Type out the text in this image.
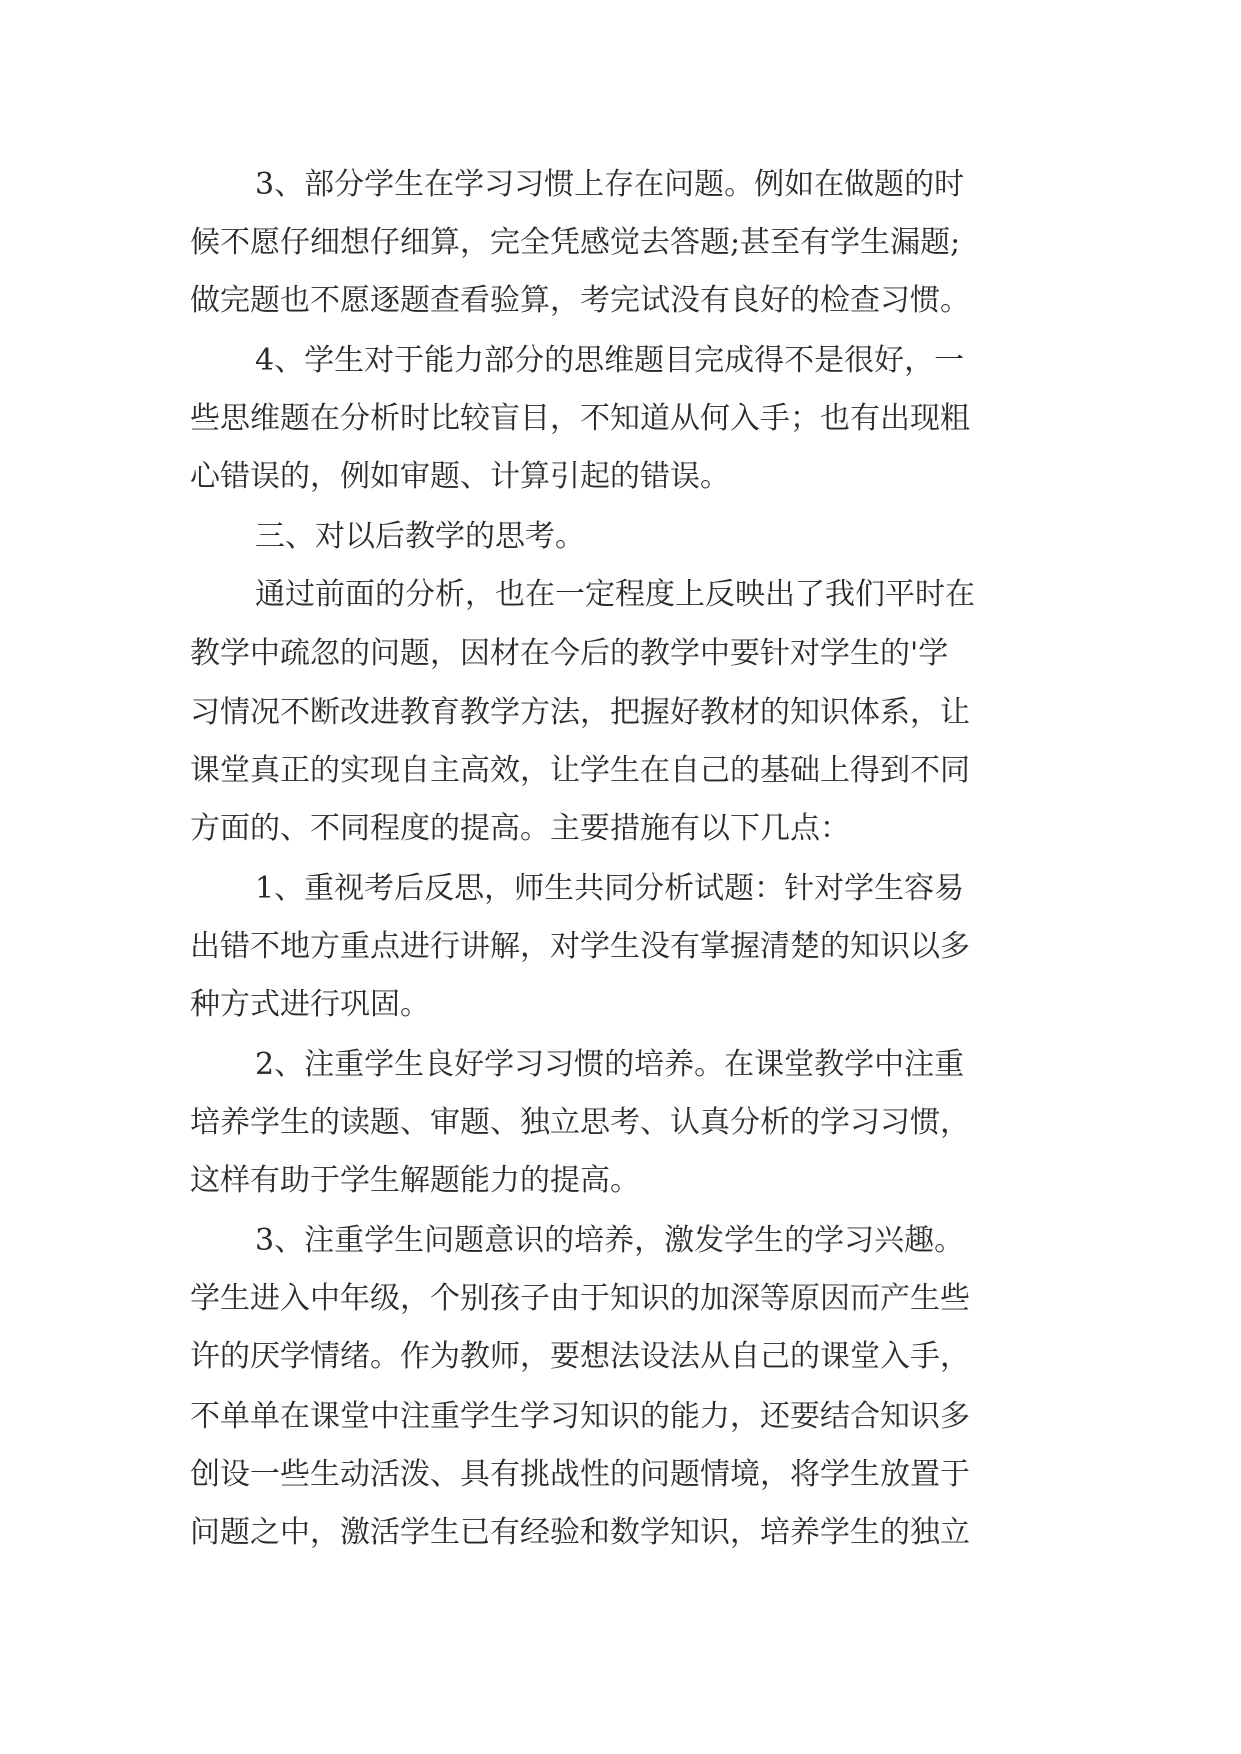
3、部分学生在学习习惯上存在问题。例如在做题的时
候不愿仔细想仔细算，完全凭感觉去答题;甚至有学生漏题;
做完题也不愿逐题查看验算，考完试没有良好的检查习惯。
4、学生对于能力部分的思维题目完成得不是很好，一
些思维题在分析时比较盲目，不知道从何入手；也有出现粗
心错误的，例如审题、计算引起的错误。
三、对以后教学的思考。
通过前面的分析，也在一定程度上反映出了我们平时在
教学中疏忽的问题，因材在今后的教学中要针对学生的'学
习情况不断改进教育教学方法，把握好教材的知识体系，让
课堂真正的实现自主高效，让学生在自己的基础上得到不同
方面的、不同程度的提高。主要措施有以下几点：
1、重视考后反思，师生共同分析试题：针对学生容易
出错不地方重点进行讲解，对学生没有掌握清楚的知识以多
种方式进行巩固。
2、注重学生良好学习习惯的培养。在课堂教学中注重
培养学生的读题、审题、独立思考、认真分析的学习习惯，
这样有助于学生解题能力的提高。
3、注重学生问题意识的培养，激发学生的学习兴趣。
学生进入中年级，个别孩子由于知识的加深等原因而产生些
许的厌学情绪。作为教师，要想法设法从自己的课堂入手，
不单单在课堂中注重学生学习知识的能力，还要结合知识多
创设一些生动活泼、具有挑战性的问题情境，将学生放置于
问题之中，激活学生已有经验和数学知识，培养学生的独立
